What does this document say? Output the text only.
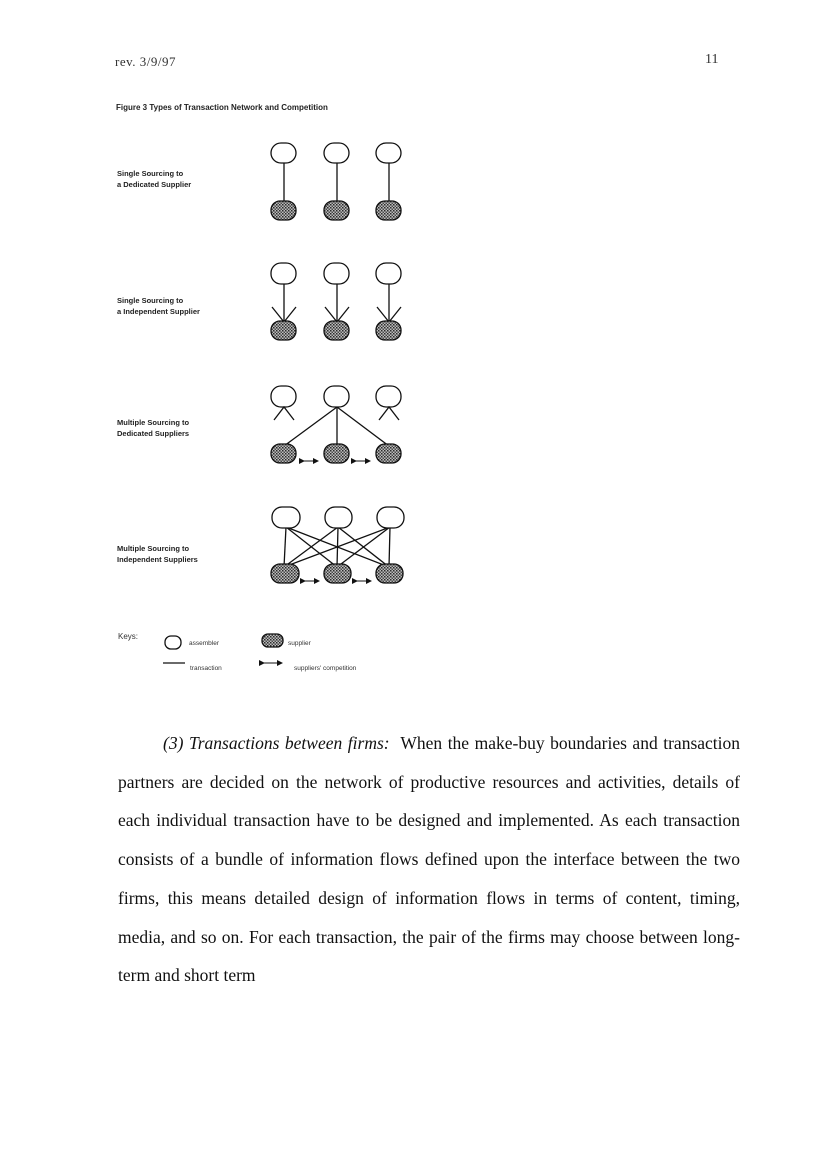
rev. 3/9/97	11
Figure 3 Types of Transaction Network and Competition
Single Sourcing to
a Dedicated Supplier
Single Sourcing to
a Independent Supplier
Multiple Sourcing to
Dedicated Suppliers
Multiple Sourcing to
Independent Suppliers
Keys:
assembler	supplier
transaction	suppliers' competition

(3) Transactions between firms: When the make-buy boundaries and transaction partners are decided on the network of productive resources and activities, details of each individual transaction have to be designed and implemented. As each transaction consists of a bundle of information flows defined upon the interface between the two firms, this means detailed design of information flows in terms of content, timing, media, and so on. For each transaction, the pair of the firms may choose between long-term and short term
